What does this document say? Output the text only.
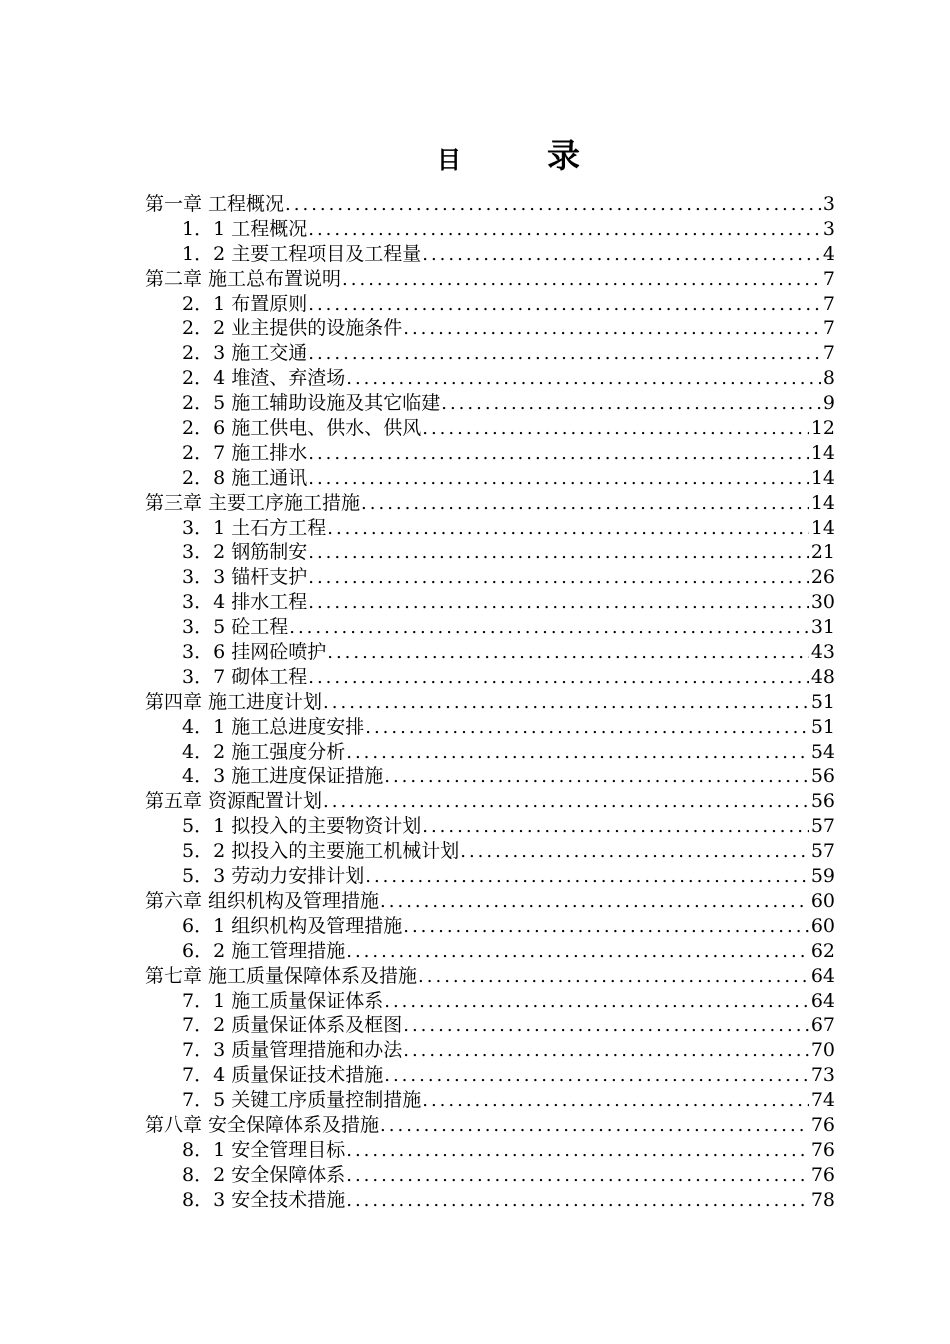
目	录
第一章 工程概况 .....	3
1．1 工程概况 .....	3
1．2 主要工程项目及工程量 .....	4
第二章 施工总布置说明 .....	7
2．1 布置原则 .....	7
2．2 业主提供的设施条件 .....	7
2．3 施工交通 .....	7
2．4 堆渣、弃渣场 .....	8
2．5 施工辅助设施及其它临建 .....	9
2．6 施工供电、供水、供风 .....	12
2．7 施工排水 .....	14
2．8 施工通讯 .....	14
第三章 主要工序施工措施 .....	14
3．1 土石方工程 .....	14
3．2 钢筋制安 .....	21
3．3 锚杆支护 .....	26
3．4 排水工程 .....	30
3．5 砼工程 .....	31
3．6 挂网砼喷护 .....	43
3．7 砌体工程 .....	48
第四章 施工进度计划 .....	51
4．1 施工总进度安排 .....	51
4．2 施工强度分析 .....	54
4．3 施工进度保证措施 .....	56
第五章 资源配置计划 .....	56
5．1 拟投入的主要物资计划 .....	57
5．2 拟投入的主要施工机械计划 .....	57
5．3 劳动力安排计划 .....	59
第六章 组织机构及管理措施 .....	60
6．1 组织机构及管理措施 .....	60
6．2 施工管理措施 .....	62
第七章 施工质量保障体系及措施 .....	64
7．1 施工质量保证体系 .....	64
7．2 质量保证体系及框图 .....	67
7．3 质量管理措施和办法 .....	70
7．4 质量保证技术措施 .....	73
7．5 关键工序质量控制措施 .....	74
第八章 安全保障体系及措施 .....	76
8．1 安全管理目标 .....	76
8．2 安全保障体系 .....	76
8．3 安全技术措施 .....	78
